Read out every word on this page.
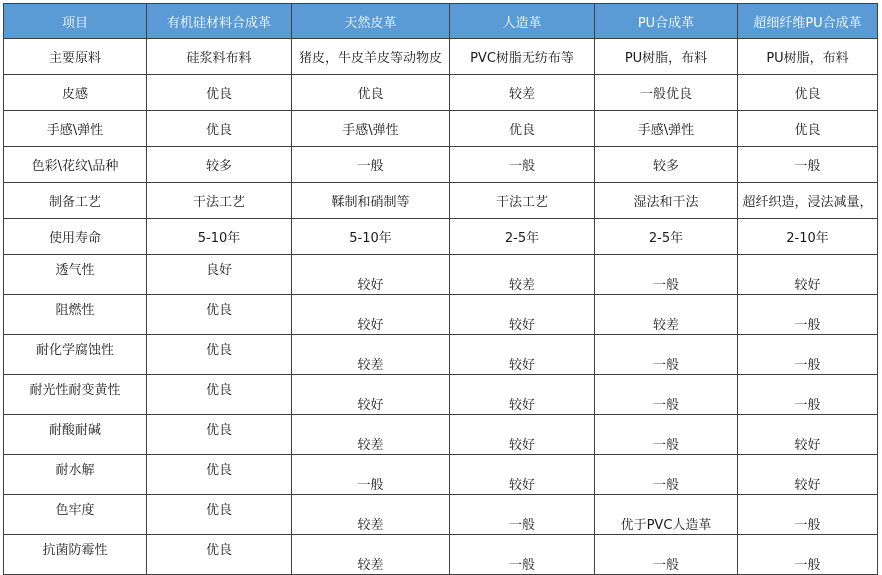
项目	有机硅材料合成革	天然皮革	人造革	PU合成革	超细纤维PU合成革
主要原料	硅浆料布料	猪皮，牛皮羊皮等动物皮	PVC树脂无纺布等	PU树脂，布料	PU树脂，布料
皮感	优良	优良	较差	一般优良	优良
手感\弹性	优良	手感\弹性	优良	手感\弹性	优良
色彩\花纹\品种	较多	一般	一般	较多	一般
制备工艺	干法工艺	鞣制和硝制等	干法工艺	湿法和干法	超纤织造，浸法减量，
使用寿命	5-10年	5-10年	2-5年	2-5年	2-10年
透气性	良好	较好	较差	一般	较好
阻燃性	优良	较好	较好	较差	一般
耐化学腐蚀性	优良	较差	较好	一般	一般
耐光性耐变黄性	优良	较好	较好	一般	一般
耐酸耐碱	优良	较差	较好	一般	较好
耐水解	优良	一般	较好	一般	较好
色牢度	优良	较差	一般	优于PVC人造革	一般
抗菌防霉性	优良	较差	一般	一般	一般
